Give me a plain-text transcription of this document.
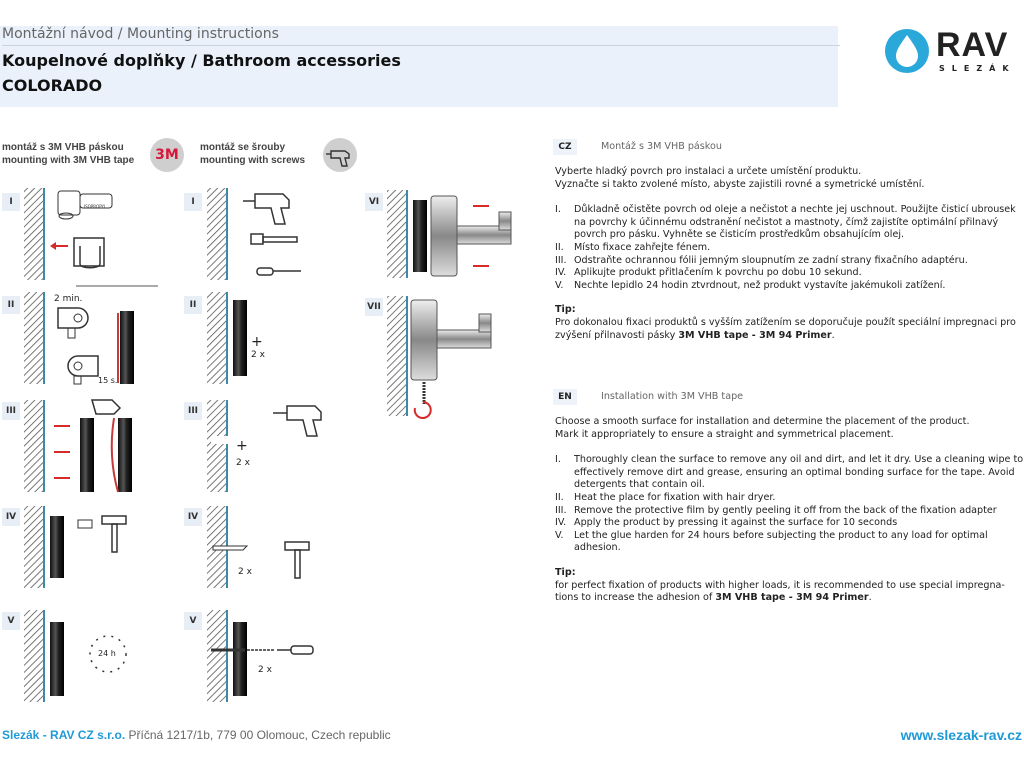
Montážní návod / Mounting instructions
Koupelnové doplňky / Bathroom accessories
COLORADO
RAV
SLEZÁK
montáž s 3M VHB páskou
mounting with 3M VHB tape	3M	montáž se šrouby
mounting with screws
I
II
III
IV
V
I
II
III
IV
V
VI
VII
2 min.
15 s.
24 h
ISOPROPYL
+
2 x
+
2 x
2 x
2 x
CZ	Montáž s 3M VHB páskou
Vyberte hladký povrch pro instalaci a určete umístění produktu.
Vyznačte si takto zvolené místo, abyste zajistili rovné a symetrické umístění.
I. Důkladně očistěte povrch od oleje a nečistot a nechte jej uschnout. Použijte čisticí ubrousek na povrchy k účinnému odstranění nečistot a mastnoty, čímž zajistíte optimální přilnavý povrch pro pásku. Vyhněte se čisticím prostředkům obsahujícím olej.
II. Místo fixace zahřejte fénem.
III. Odstraňte ochrannou fólii jemným sloupnutím ze zadní strany fixačního adaptéru.
IV. Aplikujte produkt přitlačením k povrchu po dobu 10 sekund.
V. Nechte lepidlo 24 hodin ztvrdnout, než produkt vystavíte jakémukoli zatížení.
Tip:
Pro dokonalou fixaci produktů s vyšším zatížením se doporučuje použít speciální impregnaci pro zvýšení přilnavosti pásky 3M VHB tape - 3M 94 Primer.
EN	Installation with 3M VHB tape
Choose a smooth surface for installation and determine the placement of the product.
Mark it appropriately to ensure a straight and symmetrical placement.
I. Thoroughly clean the surface to remove any oil and dirt, and let it dry. Use a cleaning wipe to effectively remove dirt and grease, ensuring an optimal bonding surface for the tape. Avoid detergents that contain oil.
II. Heat the place for fixation with hair dryer.
III. Remove the protective film by gently peeling it off from the back of the fixation adapter
IV. Apply the product by pressing it against the surface for 10 seconds
V. Let the glue harden for 24 hours before subjecting the product to any load for optimal adhesion.
Tip:
for perfect fixation of products with higher loads, it is recommended to use special impregna-tions to increase the adhesion of 3M VHB tape - 3M 94 Primer.
Slezák - RAV CZ s.r.o. Příčná 1217/1b, 779 00 Olomouc, Czech republic	www.slezak-rav.cz
